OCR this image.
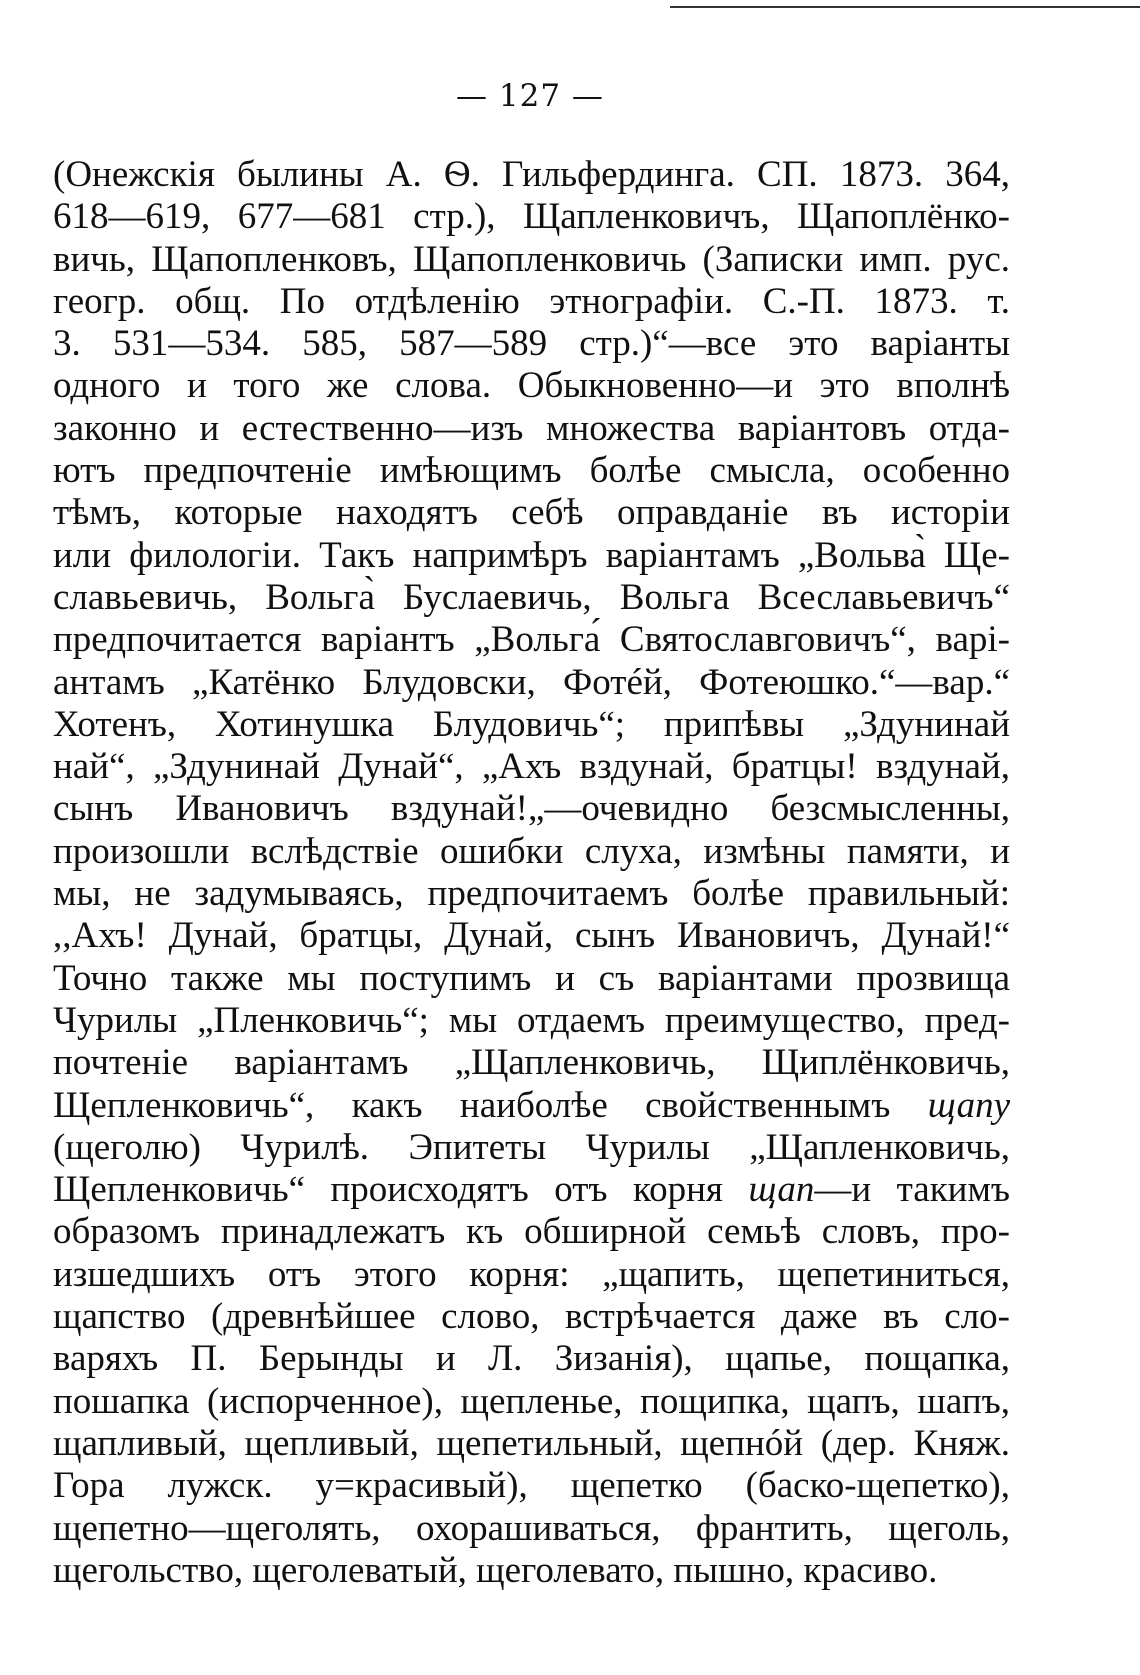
— 127 —
(Онежскія былины А. Ѳ. Гильфердинга. СП. 1873. 364,
618—619, 677—681 стр.), Щапленковичъ, Щапоплёнко-
вичь, Щапопленковъ, Щапопленковичь (Записки имп. рус.
геогр. общ. По отдѣленію этнографіи. С.-П. 1873. т.
3. 531—534. 585, 587—589 стр.)“—все это варіанты
одного и того же слова. Обыкновенно—и это вполнѣ
законно и естественно—изъ множества варіантовъ отда-
ютъ предпочтеніе имѣющимъ болѣе смысла, особенно
тѣмъ, которые находятъ себѣ оправданіе въ исторіи
или филологіи. Такъ напримѣръ варіантамъ „Вольва̀ Ще-
славьевичь, Вольга̀ Буслаевичь, Вольга Всеславьевичъ“
предпочитается варіантъ „Вольга́ Святославговичъ“, варі-
антамъ „Катёнко Блудовски, Фотéй, Фотеюшко.“—вар.“
Хотенъ, Хотинушка Блудовичь“; припѣвы „Здунинай
най“, „Здунинай Дунай“, „Ахъ вздунай, братцы! вздунай,
сынъ Ивановичъ вздунай!„—очевидно безсмысленны,
произошли вслѣдствіе ошибки слуха, измѣны памяти, и
мы, не задумываясь, предпочитаемъ болѣе правильный:
,,Ахъ! Дунай, братцы, Дунай, сынъ Ивановичъ, Дунай!“
Точно также мы поступимъ и съ варіантами прозвища
Чурилы „Пленковичь“; мы отдаемъ преимущество, пред-
почтеніе варіантамъ „Щапленковичь, Щиплёнковичь,
Щепленковичь“, какъ наиболѣе свойственнымъ щапу
(щеголю) Чурилѣ. Эпитеты Чурилы „Щапленковичь,
Щепленковичь“ происходятъ отъ корня щап—и такимъ
образомъ принадлежатъ къ обширной семьѣ словъ, про-
изшедшихъ отъ этого корня: „щапить, щепетиниться,
щапство (древнѣйшее слово, встрѣчается даже въ сло-
варяхъ П. Берынды и Л. Зизанія), щапье, пощапка,
пошапка (испорченное), щепленье, пощипка, щапъ, шапъ,
щапливый, щепливый, щепетильный, щепнóй (дер. Княж.
Гора лужск. у=красивый), щепетко (баско-щепетко),
щепетно—щеголять, охорашиваться, франтить, щеголь,
щегольство, щеголеватый, щеголевато, пышно, красиво.
